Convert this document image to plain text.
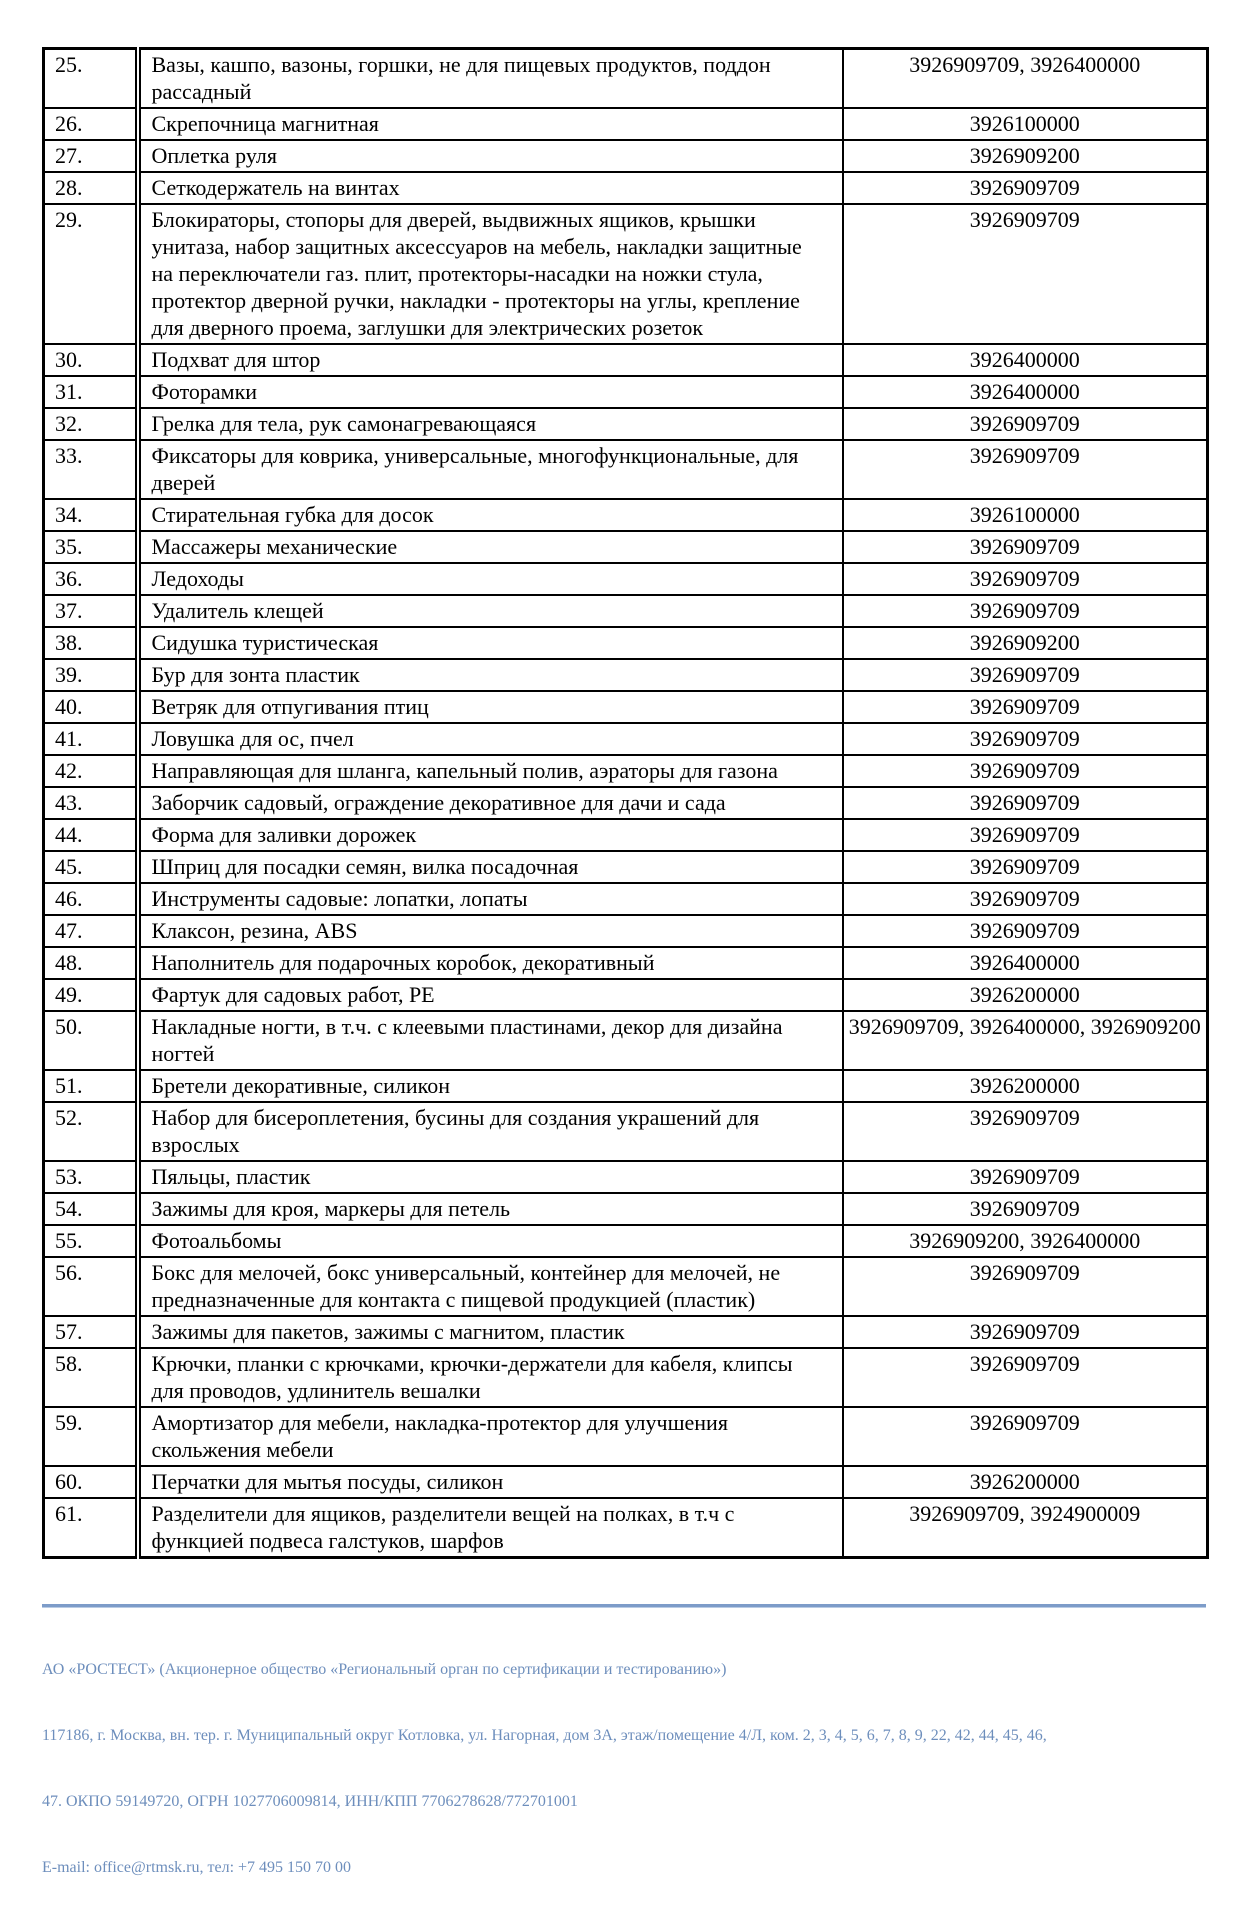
25.	Вазы, кашпо, вазоны, горшки, не для пищевых продуктов, поддон рассадный	3926909709, 3926400000
26.	Скрепочница магнитная	3926100000
27.	Оплетка руля	3926909200
28.	Сеткодержатель на винтах	3926909709
29.	Блокираторы, стопоры для дверей, выдвижных ящиков, крышки унитаза, набор защитных аксессуаров на мебель, накладки защитные на переключатели газ. плит, протекторы-насадки на ножки стула, протектор дверной ручки, накладки - протекторы на углы, крепление для дверного проема, заглушки для электрических розеток	3926909709
30.	Подхват для штор	3926400000
31.	Фоторамки	3926400000
32.	Грелка для тела, рук самонагревающаяся	3926909709
33.	Фиксаторы для коврика, универсальные, многофункциональные, для дверей	3926909709
34.	Стирательная губка для досок	3926100000
35.	Массажеры механические	3926909709
36.	Ледоходы	3926909709
37.	Удалитель клещей	3926909709
38.	Сидушка туристическая	3926909200
39.	Бур для зонта пластик	3926909709
40.	Ветряк для отпугивания птиц	3926909709
41.	Ловушка для ос, пчел	3926909709
42.	Направляющая для шланга, капельный полив, аэраторы для газона	3926909709
43.	Заборчик садовый, ограждение декоративное для дачи и сада	3926909709
44.	Форма для заливки дорожек	3926909709
45.	Шприц для посадки семян, вилка посадочная	3926909709
46.	Инструменты садовые: лопатки, лопаты	3926909709
47.	Клаксон, резина, ABS	3926909709
48.	Наполнитель для подарочных коробок, декоративный	3926400000
49.	Фартук для садовых работ, РЕ	3926200000
50.	Накладные ногти, в т.ч. с клеевыми пластинами, декор для дизайна ногтей	3926909709, 3926400000, 3926909200
51.	Бретели декоративные, силикон	3926200000
52.	Набор для бисероплетения, бусины для создания украшений для взрослых	3926909709
53.	Пяльцы, пластик	3926909709
54.	Зажимы для кроя, маркеры для петель	3926909709
55.	Фотоальбомы	3926909200, 3926400000
56.	Бокс для мелочей, бокс универсальный, контейнер для мелочей, не предназначенные для контакта с пищевой продукцией (пластик)	3926909709
57.	Зажимы для пакетов, зажимы с магнитом, пластик	3926909709
58.	Крючки, планки с крючками, крючки-держатели для кабеля, клипсы для проводов, удлинитель вешалки	3926909709
59.	Амортизатор для мебели, накладка-протектор для улучшения скольжения мебели	3926909709
60.	Перчатки для мытья посуды, силикон	3926200000
61.	Разделители для ящиков, разделители вещей на полках, в т.ч с функцией подвеса галстуков, шарфов	3926909709, 3924900009

АО «РОСТЕСТ» (Акционерное общество «Региональный орган по сертификации и тестированию»)

117186, г. Москва, вн. тер. г. Муниципальный округ Котловка, ул. Нагорная, дом 3А, этаж/помещение 4/Л, ком. 2, 3, 4, 5, 6, 7, 8, 9, 22, 42, 44, 45, 46,

47. ОКПО 59149720, ОГРН 1027706009814, ИНН/КПП 7706278628/772701001

E-mail: office@rtmsk.ru, тел: +7 495 150 70 00
